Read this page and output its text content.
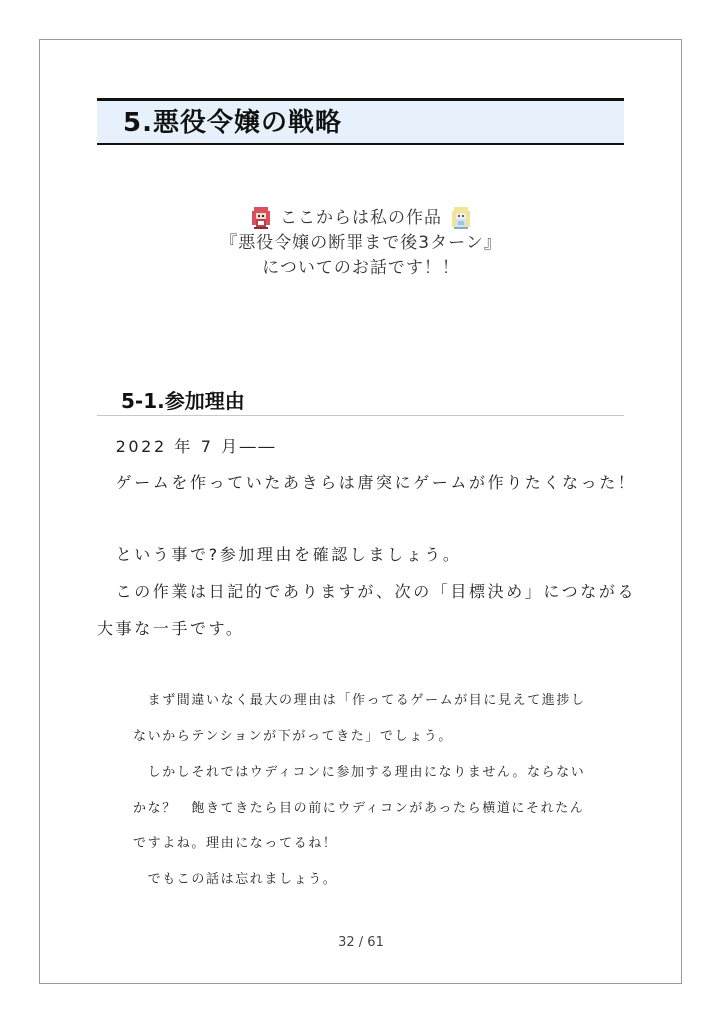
5.悪役令嬢の戦略
ここからは私の作品
『悪役令嬢の断罪まで後3ターン』
についてのお話です！！
5-1.参加理由
　2022 年 7 月――
　ゲームを作っていたあきらは唐突にゲームが作りたくなった！
　という事で?参加理由を確認しましょう。
　この作業は日記的でありますが、次の「目標決め」につながる
大事な一手です。
　まず間違いなく最大の理由は「作ってるゲームが目に見えて進捗し
ないからテンションが下がってきた」でしょう。
　しかしそれではウディコンに参加する理由になりません。ならない
かな？　飽きてきたら目の前にウディコンがあったら横道にそれたん
ですよね。理由になってるね！
　でもこの話は忘れましょう。
32 / 61
